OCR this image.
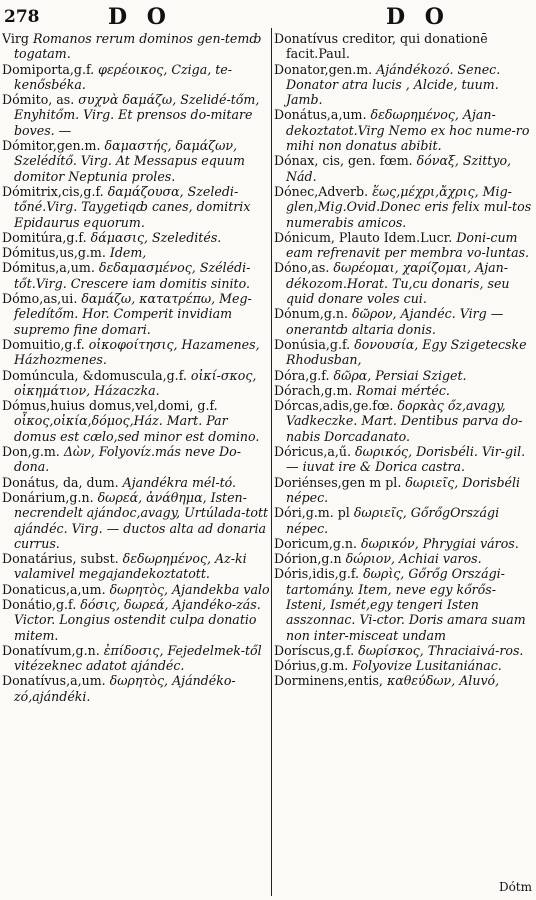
278	D O	D O

Virg Romanos rerum dominos gen-temȸ togatam.

Domiporta,g.f. φερέοικος, Cziga, te-kenősbéka.

Dómito, as. συχνὰ δαμάζω, Szelidé-tőm, Enyhitőm. Virg. Et prensos do-mitare boves. —

Dómitor,gen.m. δαμαστής, δαμάζων, Szelédítő. Virg. At Messapus equum domitor Neptunia proles.

Dómitrix,cis,g.f. δαμάζουσα, Szeledi-tőné.Virg. Taygetiqȸ canes, domitrix Epidaurus equorum.

Domitúra,g.f. δάμασις, Szeledités.

Dómitus,us,g.m. Idem,

Dómitus,a,um. δεδαμασμένος, Szélédi-tőt.Virg. Crescere iam domitis sinito.

Dómo,as,ui. δαμάζω, κατατρέπω, Meg-feledítőm. Hor. Comperit invidiam supremo fine domari.

Domuitio,g.f. οἰκοφοίτησις, Hazamenes, Házhozmenes.

Domúncula, &domuscula,g.f. οἰκί-σκος, οἰκημάτιον, Házaczka.

Dómus,huius domus,vel,domi, g.f. οἶκος,οἰκία,δόμος,Ház. Mart. Par domus est cælo,sed minor est domino.

Don,g.m. Δὼν, Folyovíz.más neve Do-dona.

Donátus, da, dum. Ajandékra mél-tó.

Donárium,g.n. δωρεά, ἀνάθημα, Isten-necrendelt ajándoc,avagy, Urtúlada-tott ajándéc. Virg. — ductos alta ad donaria currus.

Donatárius, subst. δεδωρημένος, Az-ki valamivel megajandekoztatott.

Donaticus,a,um. δωρητὸς, Ajandekba valo

Donátio,g.f. δόσις, δωρεά, Ajandéko-zás. Victor. Longius ostendit culpa donatio mitem.

Donatívum,g.n. ἐπίδοσις, Fejedelmek-től vitézeknec adatot ajándéc.

Donatívus,a,um. δωρητὸς, Ajándéko-zó,ajándéki.

Donatívus creditor, qui donationē facit.Paul.

Donator,gen.m. Ajándékozó. Senec. Donator atra lucis , Alcide, tuum. Jamb.

Donátus,a,um. δεδωρημένος, Ajan-dekoztatot.Virg Nemo ex hoc nume-ro mihi non donatus abibit.

Dónax, cis, gen. fœm. δόναξ, Szittyo, Nád.

Dónec,Adverb. ἕως,μέχρι,ἄχρις, Mig-glen,Mig.Ovid.Donec eris felix mul-tos numerabis amicos.

Dónicum, Plauto Idem.Lucr. Doni-cum eam refrenavit per membra vo-luntas.

Dóno,as. δωρέομαι, χαρίζομαι, Ajan-dékozom.Horat. Tu,cu donaris, seu quid donare voles cui.

Dónum,g.n. δῶρον, Ajandéc. Virg — onerantȸ altaria donis.

Donúsia,g.f. δονουσία, Egy Szigetecske Rhodusban,

Dóra,g.f. δῶρα, Persiai Sziget.

Dórach,g.m. Romai mértéc.

Dórcas,adis,ge.fœ. δορκὰς őz,avagy, Vadkeczke. Mart. Dentibus parva do-nabis Dorcadanato.

Dóricus,a,ű. δωρικός, Dorisbéli. Vir-gil. — iuvat ire & Dorica castra.

Doriénses,gen m pl. δωριεῖς, Dorisbéli népec.

Dóri,g.m. pl δωριεῖς, GőrőgOrszági népec.

Doricum,g.n. δωρικόν, Phrygiai város.

Dórion,g.n δώριον, Achiai varos.

Dóris,idis,g.f. δωρὶς, Gőrőg Országi-tartomány. Item, neve egy kőrős-Isteni, Ismét,egy tengeri Isten asszonnac. Vi-ctor. Doris amara suam non inter-misceat undam

Doríscus,g.f. δωρίσκος, Thraciaivá-ros.

Dórius,g.m. Folyovize Lusitaniánac.

Dorminens,entis, καθεύδων, Aluvó,

Dótm
